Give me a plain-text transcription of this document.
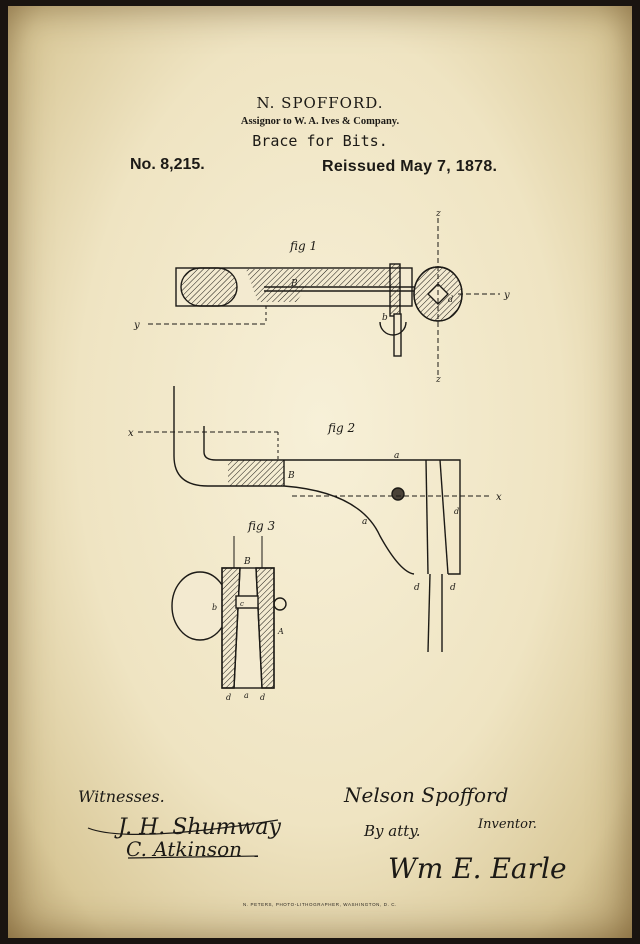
N. SPOFFORD.
Assignor to W. A. Ives & Company.
Brace for Bits.
No. 8,215.	Reissued May 7, 1878.
fig 1
z
z
y
y
B
b
d
fig 2
x
x
B
a
a
d
d	d
fig 3
B
b	c
A
d a d
Witnesses.
J. H. Shumway
C. Atkinson
Nelson Spofford
Inventor.
By atty.
Wm E. Earle
N. PETERS, PHOTO-LITHOGRAPHER, WASHINGTON, D. C.
